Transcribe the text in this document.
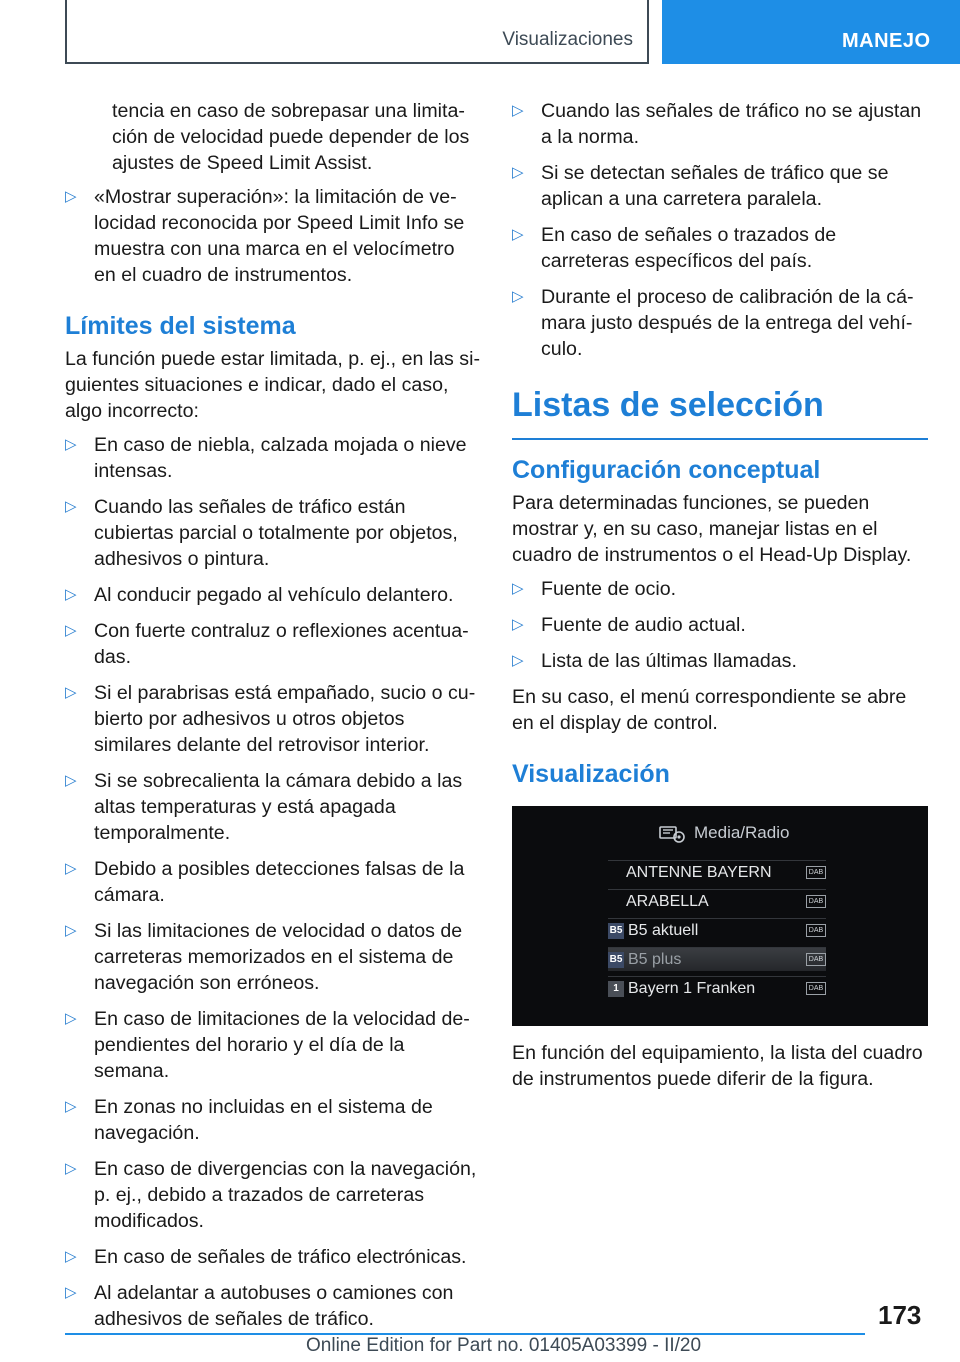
Visualizaciones	MANEJO

tencia en caso de sobrepasar una limitación de velocidad puede depender de los ajustes de Speed Limit Assist.

▷ «Mostrar superación»: la limitación de velocidad reconocida por Speed Limit Info se muestra con una marca en el velocímetro en el cuadro de instrumentos.
Límites del sistema

La función puede estar limitada, p. ej., en las siguientes situaciones e indicar, dado el caso, algo incorrecto:

▷ En caso de niebla, calzada mojada o nieve intensas.
▷ Cuando las señales de tráfico están cubiertas parcial o totalmente por objetos, adhesivos o pintura.
▷ Al conducir pegado al vehículo delantero.
▷ Con fuerte contraluz o reflexiones acentuadas.
▷ Si el parabrisas está empañado, sucio o cubierto por adhesivos u otros objetos similares delante del retrovisor interior.
▷ Si se sobrecalienta la cámara debido a las altas temperaturas y está apagada temporalmente.
▷ Debido a posibles detecciones falsas de la cámara.
▷ Si las limitaciones de velocidad o datos de carreteras memorizados en el sistema de navegación son erróneos.
▷ En caso de limitaciones de la velocidad dependientes del horario y el día de la semana.
▷ En zonas no incluidas en el sistema de navegación.
▷ En caso de divergencias con la navegación, p. ej., debido a trazados de carreteras modificados.
▷ En caso de señales de tráfico electrónicas.
▷ Al adelantar a autobuses o camiones con adhesivos de señales de tráfico.
▷ Cuando las señales de tráfico no se ajustan a la norma.
▷ Si se detectan señales de tráfico que se aplican a una carretera paralela.
▷ En caso de señales o trazados de carreteras específicos del país.
▷ Durante el proceso de calibración de la cámara justo después de la entrega del vehículo.
Listas de selección
Configuración conceptual

Para determinadas funciones, se pueden mostrar y, en su caso, manejar listas en el cuadro de instrumentos o el Head-Up Display.

▷ Fuente de ocio.
▷ Fuente de audio actual.
▷ Lista de las últimas llamadas.

En su caso, el menú correspondiente se abre en el display de control.

Visualización
Media/Radio
ANTENNE BAYERN	DAB
ARABELLA	DAB
B5 B5 aktuell	DAB
B5 B5 plus	DAB
1 Bayern 1 Franken	DAB

En función del equipamiento, la lista del cuadro de instrumentos puede diferir de la figura.

173
Online Edition for Part no. 01405A03399 - II/20
